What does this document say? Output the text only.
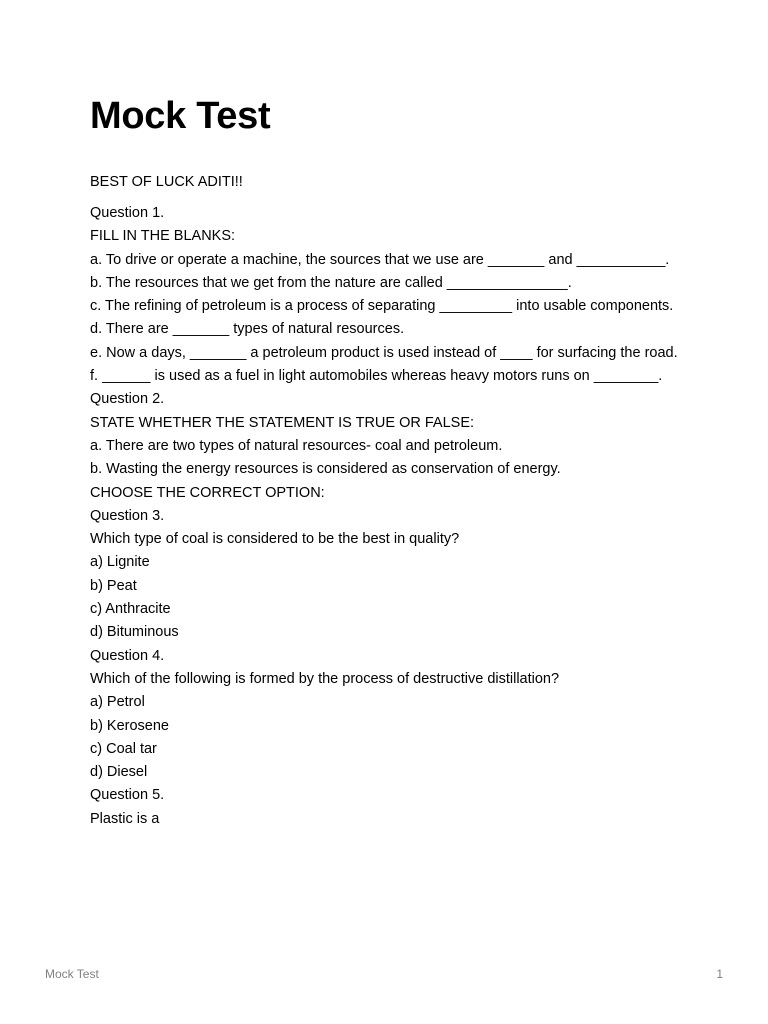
Mock Test
BEST OF LUCK ADITI!!

Question 1.

FILL IN THE BLANKS:

a. To drive or operate a machine, the sources that we use are _______ and ___________.

b. The resources that we get from the nature are called _______________.

c. The refining of petroleum is a process of separating _________ into usable components.

d. There are _______ types of natural resources.

e. Now a days, _______ a petroleum product is used instead of ____ for surfacing the road.

f. ______ is used as a fuel in light automobiles whereas heavy motors runs on ________.

Question 2.

STATE WHETHER THE STATEMENT IS TRUE OR FALSE:

a. There are two types of natural resources- coal and petroleum.

b. Wasting the energy resources is considered as conservation of energy.

CHOOSE THE CORRECT OPTION:

Question 3.

Which type of coal is considered to be the best in quality?

a) Lignite

b) Peat

c) Anthracite

d) Bituminous

Question 4.

Which of the following is formed by the process of destructive distillation?

a) Petrol

b) Kerosene

c) Coal tar

d) Diesel

Question 5.

Plastic is a

Mock Test	1
